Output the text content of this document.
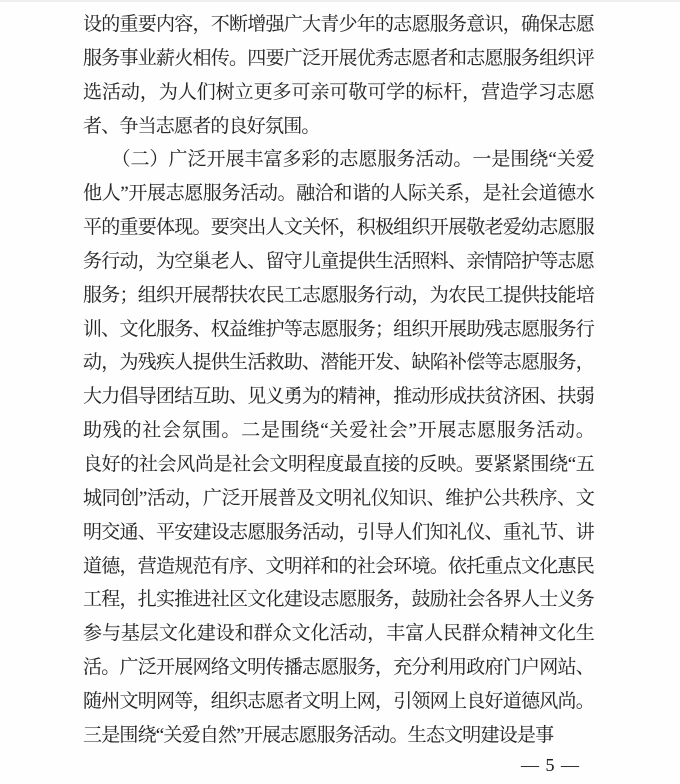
设的重要内容，不断增强广大青少年的志愿服务意识，确保志愿
服务事业薪火相传。四要广泛开展优秀志愿者和志愿服务组织评
选活动，为人们树立更多可亲可敬可学的标杆，营造学习志愿
者、争当志愿者的良好氛围。
　　（二）广泛开展丰富多彩的志愿服务活动。一是围绕“关爱
他人”开展志愿服务活动。融洽和谐的人际关系，是社会道德水
平的重要体现。要突出人文关怀，积极组织开展敬老爱幼志愿服
务行动，为空巢老人、留守儿童提供生活照料、亲情陪护等志愿
服务；组织开展帮扶农民工志愿服务行动，为农民工提供技能培
训、文化服务、权益维护等志愿服务；组织开展助残志愿服务行
动，为残疾人提供生活救助、潜能开发、缺陷补偿等志愿服务，
大力倡导团结互助、见义勇为的精神，推动形成扶贫济困、扶弱
助残的社会氛围。二是围绕“关爱社会”开展志愿服务活动。
良好的社会风尚是社会文明程度最直接的反映。要紧紧围绕“五
城同创”活动，广泛开展普及文明礼仪知识、维护公共秩序、文
明交通、平安建设志愿服务活动，引导人们知礼仪、重礼节、讲
道德，营造规范有序、文明祥和的社会环境。依托重点文化惠民
工程，扎实推进社区文化建设志愿服务，鼓励社会各界人士义务
参与基层文化建设和群众文化活动，丰富人民群众精神文化生
活。广泛开展网络文明传播志愿服务，充分利用政府门户网站、
随州文明网等，组织志愿者文明上网，引领网上良好道德风尚。
三是围绕“关爱自然”开展志愿服务活动。生态文明建设是事
— 5 —
